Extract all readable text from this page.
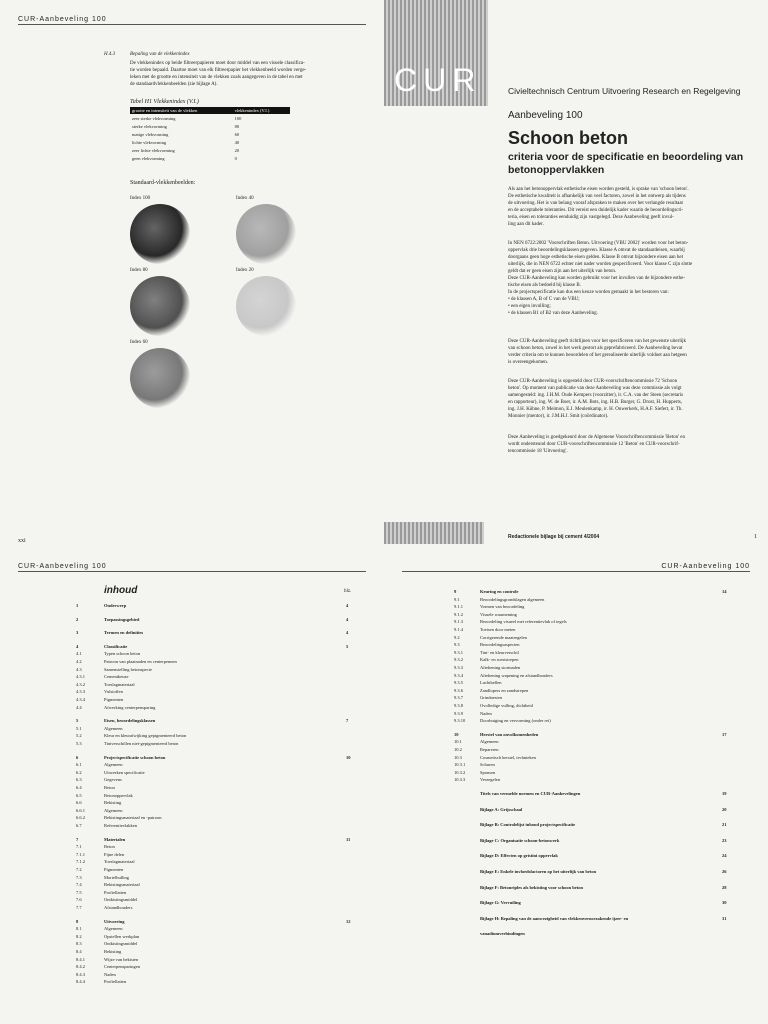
CUR-Aanbeveling 100
H.4.3	Bepaling van de vlekkenindex
De vlekkenindex op beide filtreerpapieren moet door middel van een visuele classifica-
tie worden bepaald. Daartoe moet van elk filtreerpapier het vlekkenbeeld worden verge-
leken met de grootte en intensiteit van de vlekken zoals aangegeven in de tabel en met
de standaardvlekkenbeelden (zie bijlage A).
Tabel H1 Vlekkenindex (V.I.)
grootte en intensiteit van de vlekken	vlekkenindex (V.I.)
zeer sterke vlekvorming	100
sterke vlekvorming	80
matige vlekvorming	60
lichte vlekvorming	40
zeer lichte vlekvorming	20
geen vlekvorming	0
Standaard-vlekkenbeelden:
Index 100	Index 40
Index 80	Index 20
Index 60
xxi
CUR	Civieltechnisch Centrum Uitvoering Research en Regelgeving
Aanbeveling 100
Schoon beton
criteria voor de specificatie en beoordeling van betonoppervlakken
Als aan het betonoppervlak esthetische eisen worden gesteld, is sprake van 'schoon beton'.
De esthetische kwaliteit is afhankelijk van veel factoren, zowel in het ontwerp als tijdens
de uitvoering. Het is van belang vooraf afspraken te maken over het verlangde resultaat
en de acceptabele toleranties. Dit vereist een duidelijk kader waarin de beoordelingscri-
teria, eisen en toleranties eenduidig zijn vastgelegd. Deze Aanbeveling geeft invul-
ling aan dit kader.
In NEN 6722:2002 'Voorschriften Beton. Uitvoering (VBU 2002)' worden voor het beton-
oppervlak drie beoordelingsklassen gegeven. Klasse A omvat de standaardeisen, waarbij
doorgaans geen hoge esthetische eisen gelden. Klasse B omvat bijzondere eisen aan het
uiterlijk, die in NEN 6722 echter niet nader worden gespecificeerd. Voor klasse C zijn slotte
geldt dat er geen eisen zijn aan het uiterlijk van beton.
Deze CUR-Aanbeveling kan worden gebruikt voor het invullen van de bijzondere esthe-
tische eisen als bedoeld bij klasse B.
In de projectspecificatie kan dus een keuze worden gemaakt in het bestoren van:
• de klassen A, B of C van de VBU;
• een eigen invulling;
• de klassen B1 of B2 van deze Aanbeveling.
Deze CUR-Aanbeveling geeft richtlijnen voor het specificeren van het gewenste uiterlijk
van schoon beton, zowel in het werk gestort als geprefabriceerd. De Aanbeveling bevat
verder criteria om te kunnen beoordelen of het gerealiseerde uiterlijk voldoet aan hetgeen
is overeengekomen.
Deze CUR-Aanbeveling is opgesteld door CUR-voorschriftencommissie 72 'Schoon
beton'. Op moment van publicatie van deze Aanbeveling was deze commissie als volgt
samengesteld: ing. J.H.M. Oude Kempers (voorzitter), ir. C.A. van der Steen (secretaris
en rapporteur), ing. W. de Boer, ir. A.M. Bots, ing. H.B. Burger, G. Drost, H. Hupperts,
ing. J.H. Kühne, P. Meimon, E.J. Meulenkamp, ir. H. Ouwerkerk, H.A.F. Siefert, ir. Th.
Monnier (mentor), ir. J.M.H.J. Smit (coördinator).
Deze Aanbeveling is goedgekeurd door de Algemene Voorschriftencommissie 'Beton' en
wordt ondersteund door CUR-voorschriftencommissie 12 'Beton' en CUR-voorschrif-
tencommissie 18 'Uitvoering'.
Redactionele bijlage bij cement 4/2004	1
CUR-Aanbeveling 100
inhoud	blz.
1	Onderwerp	4
2	Toepassingsgebied	4
3	Termen en definities	4
4	Classificatie	5
4.1	Typen schoon beton
4.2	Patroon van plaatnaden en centerpennen
4.3	Samenstelling betonspecie
4.3.1	Cementkeuze
4.3.2	Toeslagmateriaal
4.3.3	Vulstoffen
4.3.4	Pigmenten
4.4	Afwerking centerpensparing
5	Eisen, beoordelingsklassen	7
5.1	Algemeen
5.2	Kleur en kleurafwijking gepigmenteerd beton
5.3	Tintverschillen niet-gepigmenteerd beton
6	Projectspecificatie schoon beton	10
6.1	Algemeen
6.2	Uitwerken specificatie
6.3	Gegevens
6.4	Beton
6.5	Betonoppervlak
6.6	Bekisting
6.6.1	Algemeen
6.6.2	Bekistingsmateriaal en -patroon
6.7	Referentievlakken
7	Materialen	11
7.1	Beton
7.1.1	Fijne delen
7.1.2	Toeslagmateriaal
7.2	Pigmenten
7.3	Mortelbulling
7.4	Bekistingsmateriaal
7.5	Profiellatten
7.6	Ontkistingsmiddel
7.7	Afstandhouders
8	Uitvoering	12
8.1	Algemeen
8.2	Opstellen werkplan
8.3	Ontkistingsmiddel
8.4	Bekisting
8.4.1	Wijze van bekisten
8.4.2	Centerpensparingen
8.4.3	Naden
8.4.4	Profiellatten
CUR-Aanbeveling 100
9	Keuring en controle	14
9.1	Beoordelingsgrondslagen algemeen
9.1.1	Vormen van beoordeling
9.1.2	Visuele waarneming
9.1.3	Beoordeling visueel met referentievlak of tegels
9.1.4	Toetsen door meten
9.2	Corrigerende maatregelen
9.3	Beoordelingsaspecten
9.3.1	Tint- en kleurverschil
9.3.2	Kalk- en roeststrepen
9.3.3	Aftekening stortnaden
9.3.4	Aftekening wapening en afstandhouders
9.3.5	Luchtbellen
9.3.6	Zandlopers en zandstrepen
9.3.7	Grindnesten
9.3.8	Ovolledige vulling, dichtheid
9.3.9	Naden
9.3.10	Doorbuiging en vervorming (onder rei)
10	Herstel van onvolkomenheden	17
10.1	Algemeen
10.2	Repareren
10.3	Cosmetisch herstel, technieken
10.3.1	Schuren
10.3.2	Sponsen
10.3.3	Verzegelen
Titels van vermelde normen en CUR-Aanbevelingen	19
Bijlage A: Grijsschaal	20
Bijlage B: Controlelijst inhoud projectspecificatie	21
Bijlage C: Organisatie schoon-betonwerk	23
Bijlage D: Effecten op gristini oppervlak	24
Bijlage E: Enkele invloedsfactoren op het uiterlijk van beton	26
Bijlage F: Betonriples als bekisting voor schoon beton	28
Bijlage G: Vervuiling	30
Bijlage H: Bepaling van de aanwezigheid van vlekkenveroorzakende ijzer- en	31
vanadiumverbindingen
